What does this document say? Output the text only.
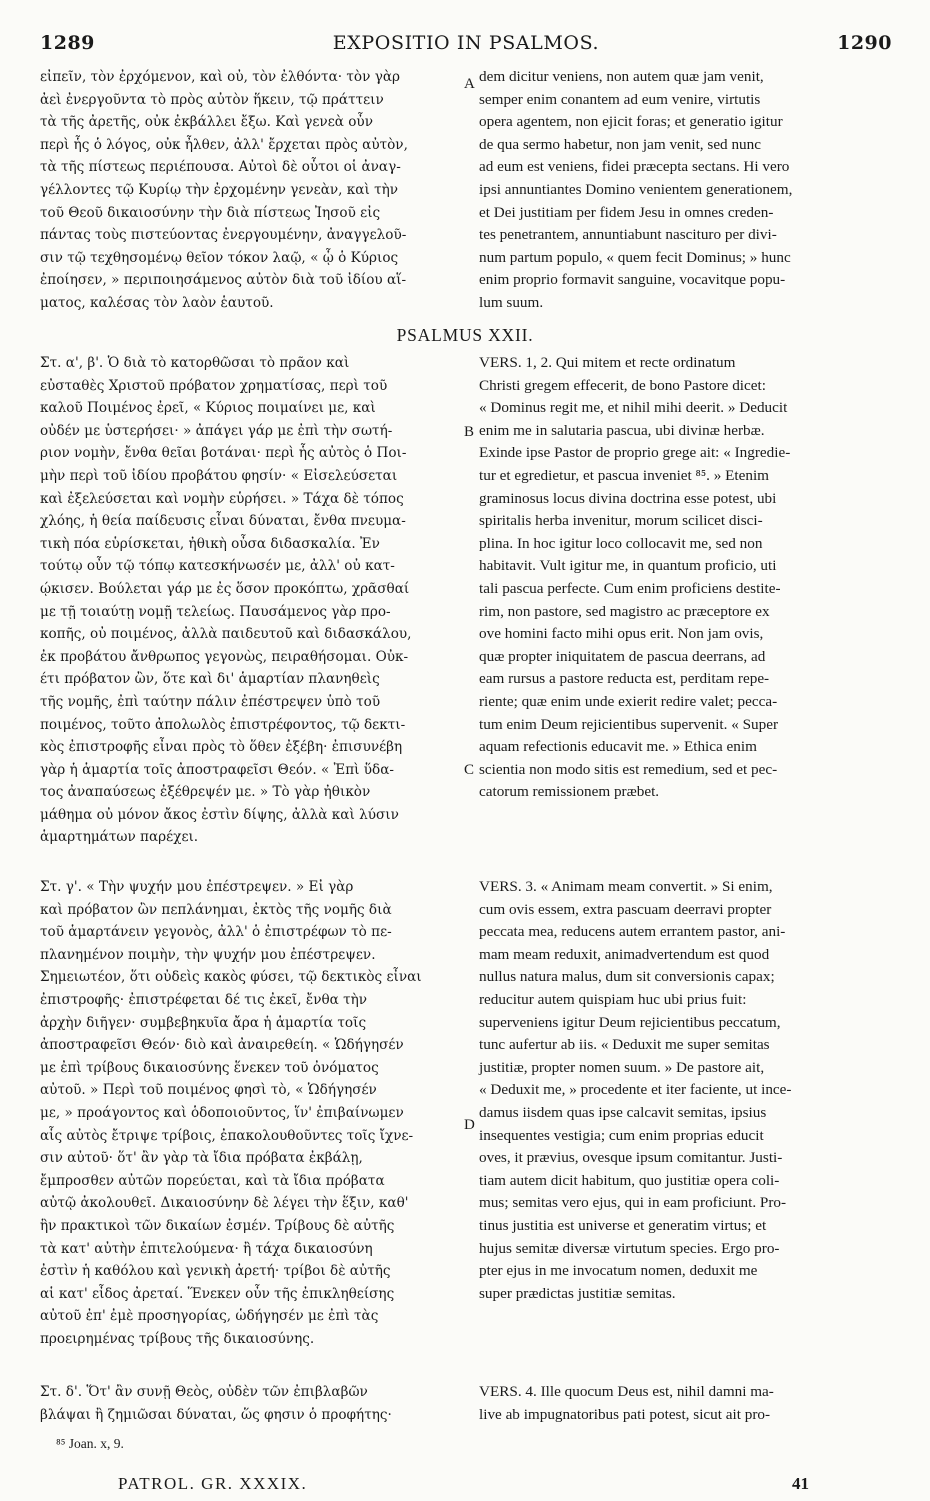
1289	EXPOSITIO IN PSALMOS.	1290
εἰπεῖν, τὸν ἐρχόμενον, καὶ οὐ, τὸν ἐλθόντα· τὸν γὰρ
ἀεὶ ἐνεργοῦντα τὸ πρὸς αὐτὸν ἥκειν, τῷ πράττειν
τὰ τῆς ἀρετῆς, οὐκ ἐκβάλλει ἔξω. Καὶ γενεὰ οὖν
περὶ ἧς ὁ λόγος, οὐκ ἦλθεν, ἀλλ' ἔρχεται πρὸς αὐτὸν,
τὰ τῆς πίστεως περιέπουσα. Αὐτοὶ δὲ οὗτοι οἱ ἀναγ-
γέλλοντες τῷ Κυρίῳ τὴν ἐρχομένην γενεὰν, καὶ τὴν
τοῦ Θεοῦ δικαιοσύνην τὴν διὰ πίστεως Ἰησοῦ εἰς
πάντας τοὺς πιστεύοντας ἐνεργουμένην, ἀναγγελοῦ-
σιν τῷ τεχθησομένῳ θεῖον τόκον λαῷ, « ᾧ ὁ Κύριος
ἐποίησεν, » περιποιησάμενος αὐτὸν διὰ τοῦ ἰδίου αἵ-
ματος, καλέσας τὸν λαὸν ἑαυτοῦ.
dem dicitur veniens, non autem quæ jam venit,
semper enim conantem ad eum venire, virtutis
opera agentem, non ejicit foras; et generatio igitur
de qua sermo habetur, non jam venit, sed nunc
ad eum est veniens, fidei præcepta sectans. Hi vero
ipsi annuntiantes Domino venientem generationem,
et Dei justitiam per fidem Jesu in omnes creden-
tes penetrantem, annuntiabunt nascituro per divi-
num partum populo, « quem fecit Dominus; » hunc
enim proprio formavit sanguine, vocavitque popu-
lum suum.
PSALMUS XXII.
Στ. α', β'. Ὁ διὰ τὸ κατορθῶσαι τὸ πρᾶον καὶ
εὐσταθὲς Χριστοῦ πρόβατον χρηματίσας, περὶ τοῦ
καλοῦ Ποιμένος ἐρεῖ, « Κύριος ποιμαίνει με, καὶ
οὐδέν με ὑστερήσει· » ἀπάγει γάρ με ἐπὶ τὴν σωτή-
ριον νομὴν, ἔνθα θεῖαι βοτάναι· περὶ ἧς αὐτὸς ὁ Ποι-
μὴν περὶ τοῦ ἰδίου προβάτου φησίν· « Εἰσελεύσεται
καὶ ἐξελεύσεται καὶ νομὴν εὑρήσει. » Τάχα δὲ τόπος
χλόης, ἡ θεία παίδευσις εἶναι δύναται, ἔνθα πνευμα-
τικὴ πόα εὑρίσκεται, ἠθικὴ οὖσα διδασκαλία. Ἐν
τούτῳ οὖν τῷ τόπῳ κατεσκήνωσέν με, ἀλλ' οὐ κατ-
ῴκισεν. Βούλεται γάρ με ἐς ὅσον προκόπτω, χρᾶσθαί
με τῇ τοιαύτῃ νομῇ τελείως. Παυσάμενος γὰρ προ-
κοπῆς, οὐ ποιμένος, ἀλλὰ παιδευτοῦ καὶ διδασκάλου,
ἐκ προβάτου ἄνθρωπος γεγονὼς, πειραθήσομαι. Οὐκ-
έτι πρόβατον ὢν, ὅτε καὶ δι' ἁμαρτίαν πλανηθεὶς
τῆς νομῆς, ἐπὶ ταύτην πάλιν ἐπέστρεψεν ὑπὸ τοῦ
ποιμένος, τοῦτο ἀπολωλὸς ἐπιστρέφοντος, τῷ δεκτι-
κὸς ἐπιστροφῆς εἶναι πρὸς τὸ ὅθεν ἐξέβη· ἐπισυνέβη
γὰρ ἡ ἁμαρτία τοῖς ἀποστραφεῖσι Θεόν. « Ἐπὶ ὕδα-
τος ἀναπαύσεως ἐξέθρεψέν με. » Τὸ γὰρ ἠθικὸν
μάθημα οὐ μόνον ἄκος ἐστὶν δίψης, ἀλλὰ καὶ λύσιν
ἁμαρτημάτων παρέχει.
VERS. 1, 2. Qui mitem et recte ordinatum
Christi gregem effecerit, de bono Pastore dicet:
« Dominus regit me, et nihil mihi deerit. » Deducit
enim me in salutaria pascua, ubi divinæ herbæ.
Exinde ipse Pastor de proprio grege ait: « Ingredie-
tur et egredietur, et pascua inveniet ⁸⁵. » Etenim
graminosus locus divina doctrina esse potest, ubi
spiritalis herba invenitur, morum scilicet disci-
plina. In hoc igitur loco collocavit me, sed non
habitavit. Vult igitur me, in quantum proficio, uti
tali pascua perfecte. Cum enim proficiens destite-
rim, non pastore, sed magistro ac præceptore ex
ove homini facto mihi opus erit. Non jam ovis,
quæ propter iniquitatem de pascua deerrans, ad
eam rursus a pastore reducta est, perditam repe-
riente; quæ enim unde exierit redire valet; pecca-
tum enim Deum rejicientibus supervenit. « Super
aquam refectionis educavit me. » Ethica enim
scientia non modo sitis est remedium, sed et pec-
catorum remissionem præbet.
Στ. γ'. « Τὴν ψυχήν μου ἐπέστρεψεν. » Εἰ γὰρ
καὶ πρόβατον ὢν πεπλάνημαι, ἐκτὸς τῆς νομῆς διὰ
τοῦ ἁμαρτάνειν γεγονὸς, ἀλλ' ὁ ἐπιστρέφων τὸ πε-
πλανημένον ποιμὴν, τὴν ψυχήν μου ἐπέστρεψεν.
Σημειωτέον, ὅτι οὐδεὶς κακὸς φύσει, τῷ δεκτικὸς εἶναι
ἐπιστροφῆς· ἐπιστρέφεται δέ τις ἐκεῖ, ἔνθα τὴν
ἀρχὴν διῆγεν· συμβεβηκυῖα ἄρα ἡ ἁμαρτία τοῖς
ἀποστραφεῖσι Θεόν· διὸ καὶ ἀναιρεθείη. « Ὡδήγησέν
με ἐπὶ τρίβους δικαιοσύνης ἕνεκεν τοῦ ὀνόματος
αὐτοῦ. » Περὶ τοῦ ποιμένος φησὶ τὸ, « Ὡδήγησέν
με, » προάγοντος καὶ ὁδοποιοῦντος, ἵν' ἐπιβαίνωμεν
αἷς αὐτὸς ἔτριψε τρίβοις, ἐπακολουθοῦντες τοῖς ἴχνε-
σιν αὐτοῦ· ὅτ' ἂν γὰρ τὰ ἴδια πρόβατα ἐκβάλῃ,
ἔμπροσθεν αὐτῶν πορεύεται, καὶ τὰ ἴδια πρόβατα
αὐτῷ ἀκολουθεῖ. Δικαιοσύνην δὲ λέγει τὴν ἕξιν, καθ'
ἣν πρακτικοὶ τῶν δικαίων ἐσμέν. Τρίβους δὲ αὐτῆς
τὰ κατ' αὐτὴν ἐπιτελούμενα· ἢ τάχα δικαιοσύνη
ἐστὶν ἡ καθόλου καὶ γενικὴ ἀρετή· τρίβοι δὲ αὐτῆς
αἱ κατ' εἶδος ἀρεταί. Ἕνεκεν οὖν τῆς ἐπικληθείσης
αὐτοῦ ἐπ' ἐμὲ προσηγορίας, ὡδήγησέν με ἐπὶ τὰς
προειρημένας τρίβους τῆς δικαιοσύνης.
VERS. 3. « Animam meam convertit. » Si enim,
cum ovis essem, extra pascuam deerravi propter
peccata mea, reducens autem errantem pastor, ani-
mam meam reduxit, animadvertendum est quod
nullus natura malus, dum sit conversionis capax;
reducitur autem quispiam huc ubi prius fuit:
superveniens igitur Deum rejicientibus peccatum,
tunc aufertur ab iis. « Deduxit me super semitas
justitiæ, propter nomen suum. » De pastore ait,
« Deduxit me, » procedente et iter faciente, ut ince-
damus iisdem quas ipse calcavit semitas, ipsius
insequentes vestigia; cum enim proprias educit
oves, it prævius, ovesque ipsum comitantur. Justi-
tiam autem dicit habitum, quo justitiæ opera coli-
mus; semitas vero ejus, qui in eam proficiunt. Pro-
tinus justitia est universe et generatim virtus; et
hujus semitæ diversæ virtutum species. Ergo pro-
pter ejus in me invocatum nomen, deduxit me
super prædictas justitiæ semitas.
Στ. δ'. Ὅτ' ἂν συνῇ Θεὸς, οὐδὲν τῶν ἐπιβλαβῶν
βλάψαι ἢ ζημιῶσαι δύναται, ὥς φησιν ὁ προφήτης·
VERS. 4. Ille quocum Deus est, nihil damni ma-
live ab impugnatoribus pati potest, sicut ait pro-
A
B
C
D
⁸⁵ Joan. x, 9.
PATROL. GR. XXXIX.	41
